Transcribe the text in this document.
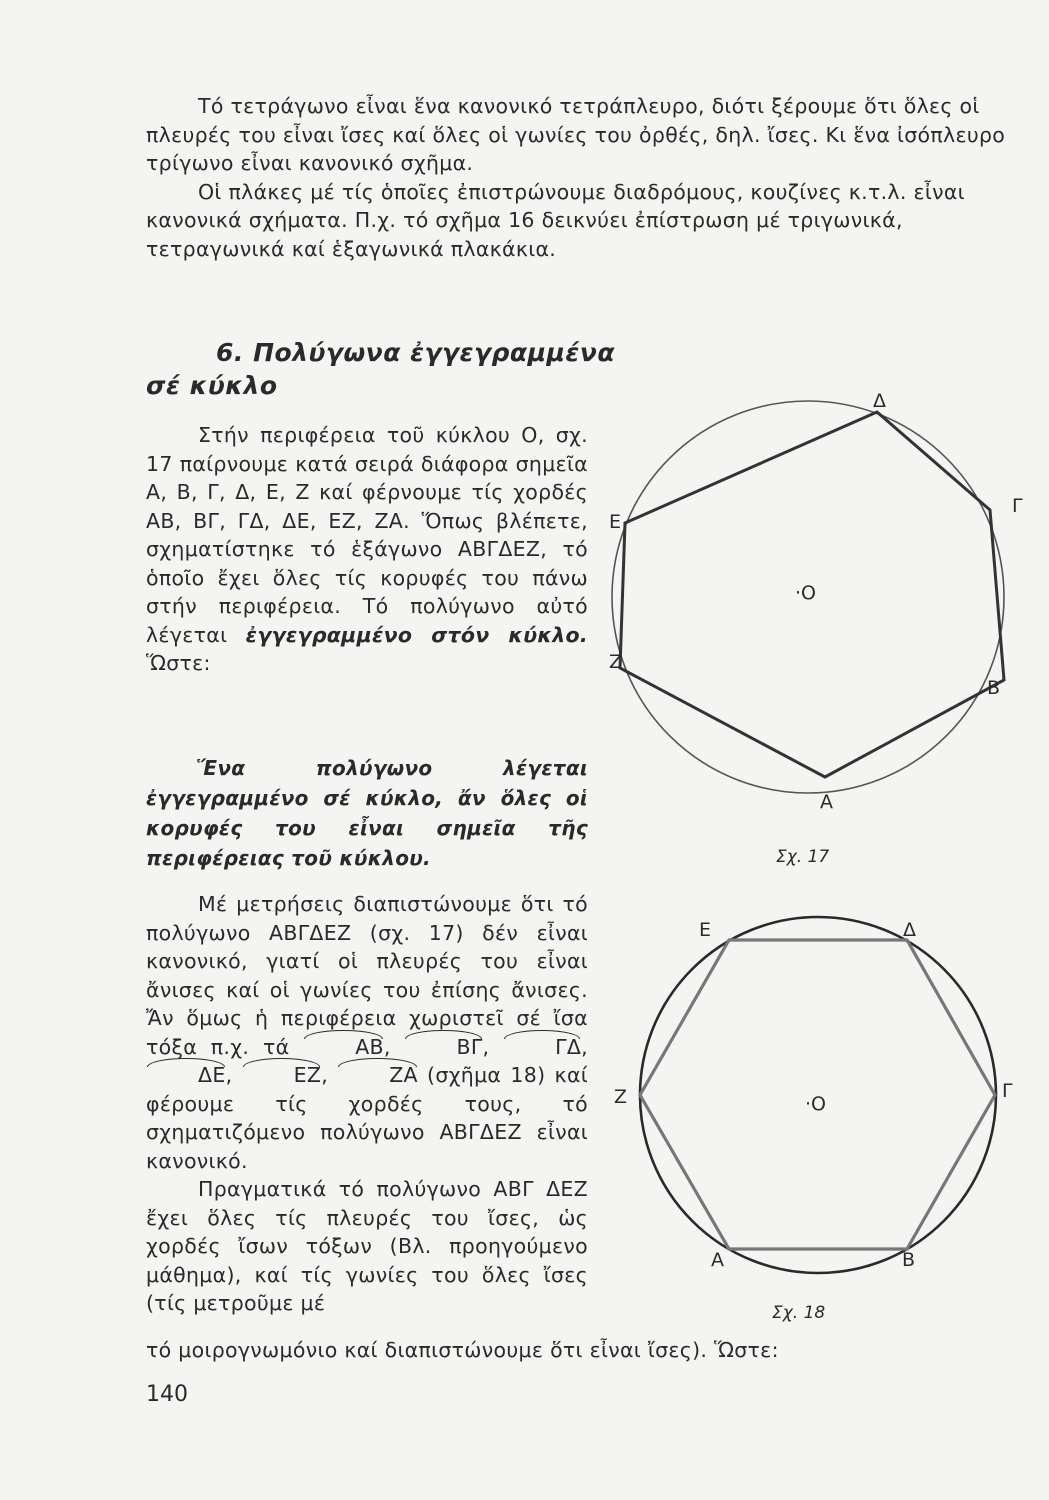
Τό τετράγωνο εἶναι ἕνα κανονικό τετράπλευρο, διότι ξέρουμε ὅτι ὅλες οἱ πλευρές του εἶναι ἴσες καί ὅλες οἱ γωνίες του ὀρθές, δηλ. ἴσες. Κι ἕνα ἰσόπλευρο τρίγωνο εἶναι κανονικό σχῆμα.

Οἱ πλάκες μέ τίς ὁποῖες ἐπιστρώνουμε διαδρόμους, κουζίνες κ.τ.λ. εἶναι κανονικά σχήματα. Π.χ. τό σχῆμα 16 δεικνύει ἐπίστρωση μέ τριγωνικά, τετραγωνικά καί ἑξαγωνικά πλακάκια.

6. Πολύγωνα ἐγγεγραμμένα
σέ κύκλο

Στήν περιφέρεια τοῦ κύκλου Ο, σχ. 17 παίρνουμε κατά σειρά διάφορα σημεῖα Α, Β, Γ, Δ, Ε, Ζ καί φέρνουμε τίς χορδές ΑΒ, ΒΓ, ΓΔ, ΔΕ, ΕΖ, ΖΑ. Ὅπως βλέπετε, σχηματίστηκε τό ἑξάγωνο ΑΒΓΔΕΖ, τό ὁποῖο ἔχει ὅλες τίς κορυφές του πάνω στήν περιφέρεια. Τό πολύγωνο αὐτό λέγεται ἐγγεγραμμένο στόν κύκλο. Ὥστε:

Ἕνα πολύγωνο λέγεται ἐγγεγραμμένο σέ κύκλο, ἄν ὅλες οἱ κορυφές του εἶναι σημεῖα τῆς περιφέρειας τοῦ κύκλου.

Μέ μετρήσεις διαπιστώνουμε ὅτι τό πολύγωνο ΑΒΓΔΕΖ (σχ. 17) δέν εἶναι κανονικό, γιατί οἱ πλευρές του εἶναι ἄνισες καί οἱ γωνίες του ἐπίσης ἄνισες. Ἄν ὅμως ἡ περιφέρεια χωριστεῖ σέ ἴσα τόξα π.χ. τά	ΑΒ,	ΒΓ,	ΓΔ, ΔΕ,	ΕΖ,	ΖΑ (σχῆμα 18) καί φέρουμε τίς χορδές τους, τό σχηματιζόμενο πολύγωνο ΑΒΓΔΕΖ εἶναι κανονικό.

Πραγματικά τό πολύγωνο ΑΒΓ ΔΕΖ ἔχει ὅλες τίς πλευρές του ἴσες, ὡς χορδές ἴσων τόξων (Βλ. προηγούμενο μάθημα), καί τίς γωνίες του ὅλες ἴσες (τίς μετροῦμε μέ

τό μοιρογνωμόνιο καί διαπιστώνουμε ὅτι εἶναι ἴσες). Ὥστε:

140

·Ο
Α
Β
Γ
Δ
Ε
Ζ
Σχ. 17
·Ο
Α	Β
Γ
Δ
Ε
Ζ
Σχ. 18
